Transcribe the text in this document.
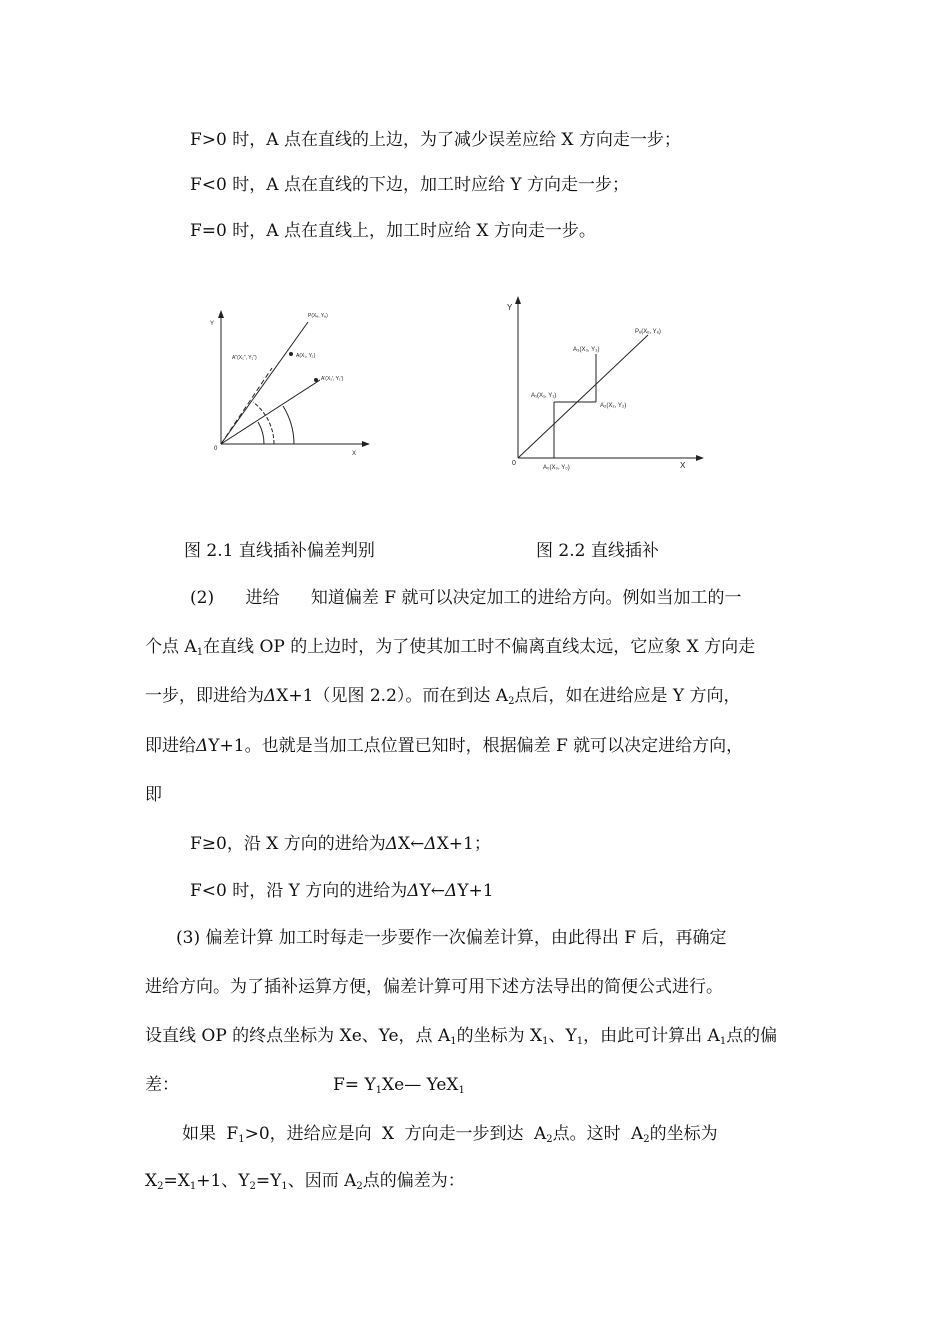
F>0 时，A 点在直线的上边，为了减少误差应给 X 方向走一步；
F<0 时，A 点在直线的下边，加工时应给 Y 方向走一步；
F=0 时，A 点在直线上，加工时应给 X 方向走一步。
Y
X
0
P(Xₑ, Yₑ)
A(X₁, Y₁)
A"(X₁", Y₁")
A'(X₁', Y₁')
Y
X
0
Pₑ(Xₑ, Yₑ)
A₃(X₃, Y₃)
A₁(X₁, Y₁)
A₂(X₂, Y₂)
A₀(X₀, Y₀)
图 2.1 直线插补偏差判别	图 2.2 直线插补
(2) 进给 知道偏差 F 就可以决定加工的进给方向。例如当加工的一
个点 $A_1$在直线 OP 的上边时，为了使其加工时不偏离直线太远，它应象 X 方向走
一步，即进给为ΔX+1（见图 2.2）。而在到达 $A_2$点后，如在进给应是 Y 方向，
即进给ΔY+1。也就是当加工点位置已知时，根据偏差 F 就可以决定进给方向，
即
F≥0，沿 X 方向的进给为ΔX←ΔX+1；
F<0 时，沿 Y 方向的进给为ΔY←ΔY+1
(3) 偏差计算 加工时每走一步要作一次偏差计算，由此得出 F 后，再确定
进给方向。为了插补运算方便，偏差计算可用下述方法导出的简便公式进行。
设直线 OP 的终点坐标为 Xe、Ye，点 $A_1$的坐标为 $X_1$、$Y_1$，由此可计算出 $A_1$点的偏
差：	$F= Y_1Xe—$ YeX$_1$
如果 $F_1>0$，进给应是向 X 方向走一步到达 $A_2$点。这时 $A_2$的坐标为
$X_2=X_1+1$、$Y_2=Y_1$、因而 $A_2$点的偏差为：
